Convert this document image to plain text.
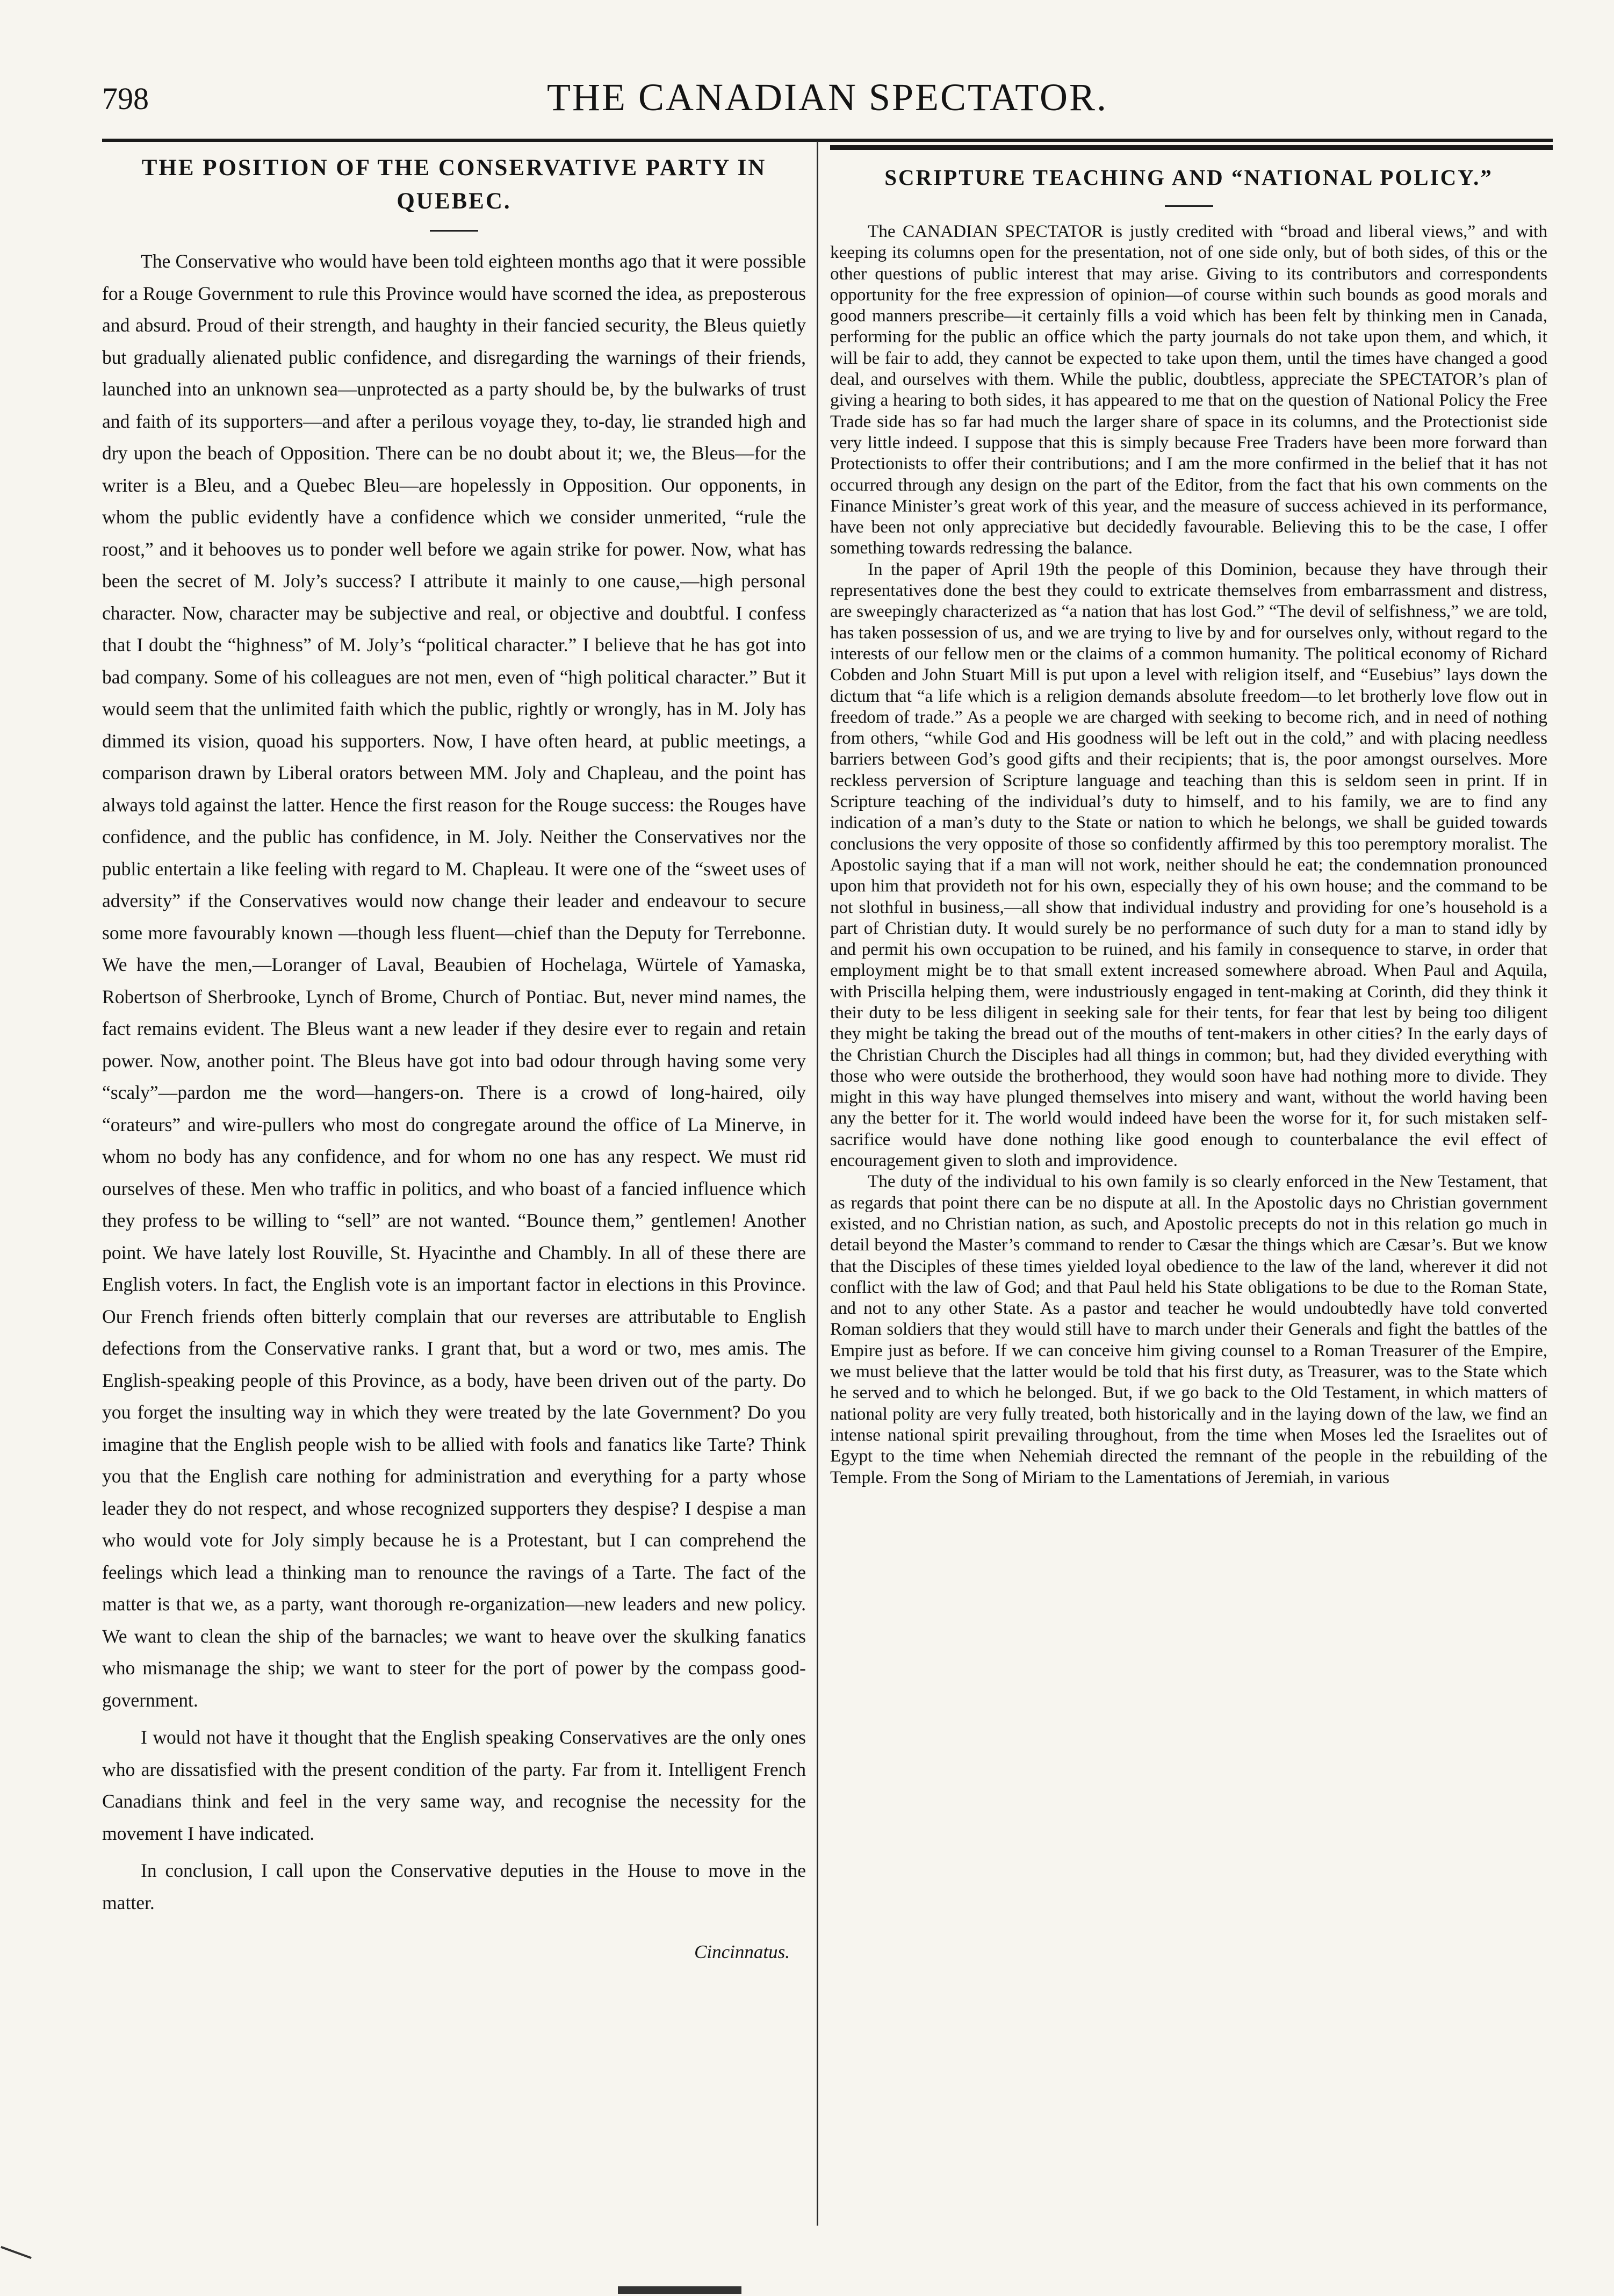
798	THE CANADIAN SPECTATOR.
THE POSITION OF THE CONSERVATIVE PARTY IN QUEBEC.

The Conservative who would have been told eighteen months ago that it were possible for a Rouge Government to rule this Province would have scorned the idea, as preposterous and absurd. Proud of their strength, and haughty in their fancied security, the Bleus quietly but gradually alienated public confidence, and disregarding the warnings of their friends, launched into an unknown sea—unprotected as a party should be, by the bulwarks of trust and faith of its supporters—and after a perilous voyage they, to-day, lie stranded high and dry upon the beach of Opposition. There can be no doubt about it; we, the Bleus—for the writer is a Bleu, and a Quebec Bleu—are hopelessly in Opposition. Our opponents, in whom the public evidently have a confidence which we consider unmerited, “rule the roost,” and it behooves us to ponder well before we again strike for power. Now, what has been the secret of M. Joly’s success? I attribute it mainly to one cause,—high personal character. Now, character may be subjective and real, or objective and doubtful. I confess that I doubt the “highness” of M. Joly’s “political character.” I believe that he has got into bad company. Some of his colleagues are not men, even of “high political character.” But it would seem that the unlimited faith which the public, rightly or wrongly, has in M. Joly has dimmed its vision, quoad his supporters. Now, I have often heard, at public meetings, a comparison drawn by Liberal orators between MM. Joly and Chapleau, and the point has always told against the latter. Hence the first reason for the Rouge success: the Rouges have confidence, and the public has confidence, in M. Joly. Neither the Conservatives nor the public entertain a like feeling with regard to M. Chapleau. It were one of the “sweet uses of adversity” if the Conservatives would now change their leader and endeavour to secure some more favourably known —though less fluent—chief than the Deputy for Terrebonne. We have the men,—Loranger of Laval, Beaubien of Hochelaga, Würtele of Yamaska, Robertson of Sherbrooke, Lynch of Brome, Church of Pontiac. But, never mind names, the fact remains evident. The Bleus want a new leader if they desire ever to regain and retain power. Now, another point. The Bleus have got into bad odour through having some very “scaly”—pardon me the word—hangers-on. There is a crowd of long-haired, oily “orateurs” and wire-pullers who most do congregate around the office of La Minerve, in whom no body has any confidence, and for whom no one has any respect. We must rid ourselves of these. Men who traffic in politics, and who boast of a fancied influence which they profess to be willing to “sell” are not wanted. “Bounce them,” gentlemen! Another point. We have lately lost Rouville, St. Hyacinthe and Chambly. In all of these there are English voters. In fact, the English vote is an important factor in elections in this Province. Our French friends often bitterly complain that our reverses are attributable to English defections from the Conservative ranks. I grant that, but a word or two, mes amis. The English-speaking people of this Province, as a body, have been driven out of the party. Do you forget the insulting way in which they were treated by the late Government? Do you imagine that the English people wish to be allied with fools and fanatics like Tarte? Think you that the English care nothing for administration and everything for a party whose leader they do not respect, and whose recognized supporters they despise? I despise a man who would vote for Joly simply because he is a Protestant, but I can comprehend the feelings which lead a thinking man to renounce the ravings of a Tarte. The fact of the matter is that we, as a party, want thorough re-organization—new leaders and new policy. We want to clean the ship of the barnacles; we want to heave over the skulking fanatics who mismanage the ship; we want to steer for the port of power by the compass good-government.

I would not have it thought that the English speaking Conservatives are the only ones who are dissatisfied with the present condition of the party. Far from it. Intelligent French Canadians think and feel in the very same way, and recognise the necessity for the movement I have indicated.

In conclusion, I call upon the Conservative deputies in the House to move in the matter.

Cincinnatus.
SCRIPTURE TEACHING AND “NATIONAL POLICY.”

The CANADIAN SPECTATOR is justly credited with “broad and liberal views,” and with keeping its columns open for the presentation, not of one side only, but of both sides, of this or the other questions of public interest that may arise. Giving to its contributors and correspondents opportunity for the free expression of opinion—of course within such bounds as good morals and good manners prescribe—it certainly fills a void which has been felt by thinking men in Canada, performing for the public an office which the party journals do not take upon them, and which, it will be fair to add, they cannot be expected to take upon them, until the times have changed a good deal, and ourselves with them. While the public, doubtless, appreciate the SPECTATOR’s plan of giving a hearing to both sides, it has appeared to me that on the question of National Policy the Free Trade side has so far had much the larger share of space in its columns, and the Protectionist side very little indeed. I suppose that this is simply because Free Traders have been more forward than Protectionists to offer their contributions; and I am the more confirmed in the belief that it has not occurred through any design on the part of the Editor, from the fact that his own comments on the Finance Minister’s great work of this year, and the measure of success achieved in its performance, have been not only appreciative but decidedly favourable. Believing this to be the case, I offer something towards redressing the balance.

In the paper of April 19th the people of this Dominion, because they have through their representatives done the best they could to extricate themselves from embarrassment and distress, are sweepingly characterized as “a nation that has lost God.” “The devil of selfishness,” we are told, has taken possession of us, and we are trying to live by and for ourselves only, without regard to the interests of our fellow men or the claims of a common humanity. The political economy of Richard Cobden and John Stuart Mill is put upon a level with religion itself, and “Eusebius” lays down the dictum that “a life which is a religion demands absolute freedom—to let brotherly love flow out in freedom of trade.” As a people we are charged with seeking to become rich, and in need of nothing from others, “while God and His goodness will be left out in the cold,” and with placing needless barriers between God’s good gifts and their recipients; that is, the poor amongst ourselves. More reckless perversion of Scripture language and teaching than this is seldom seen in print. If in Scripture teaching of the individual’s duty to himself, and to his family, we are to find any indication of a man’s duty to the State or nation to which he belongs, we shall be guided towards conclusions the very opposite of those so confidently affirmed by this too peremptory moralist. The Apostolic saying that if a man will not work, neither should he eat; the condemnation pronounced upon him that provideth not for his own, especially they of his own house; and the command to be not slothful in business,—all show that individual industry and providing for one’s household is a part of Christian duty. It would surely be no performance of such duty for a man to stand idly by and permit his own occupation to be ruined, and his family in consequence to starve, in order that employment might be to that small extent increased somewhere abroad. When Paul and Aquila, with Priscilla helping them, were industriously engaged in tent-making at Corinth, did they think it their duty to be less diligent in seeking sale for their tents, for fear that lest by being too diligent they might be taking the bread out of the mouths of tent-makers in other cities? In the early days of the Christian Church the Disciples had all things in common; but, had they divided everything with those who were outside the brotherhood, they would soon have had nothing more to divide. They might in this way have plunged themselves into misery and want, without the world having been any the better for it. The world would indeed have been the worse for it, for such mistaken self-sacrifice would have done nothing like good enough to counterbalance the evil effect of encouragement given to sloth and improvidence.

The duty of the individual to his own family is so clearly enforced in the New Testament, that as regards that point there can be no dispute at all. In the Apostolic days no Christian government existed, and no Christian nation, as such, and Apostolic precepts do not in this relation go much in detail beyond the Master’s command to render to Cæsar the things which are Cæsar’s. But we know that the Disciples of these times yielded loyal obedience to the law of the land, wherever it did not conflict with the law of God; and that Paul held his State obligations to be due to the Roman State, and not to any other State. As a pastor and teacher he would undoubtedly have told converted Roman soldiers that they would still have to march under their Generals and fight the battles of the Empire just as before. If we can conceive him giving counsel to a Roman Treasurer of the Empire, we must believe that the latter would be told that his first duty, as Treasurer, was to the State which he served and to which he belonged. But, if we go back to the Old Testament, in which matters of national polity are very fully treated, both historically and in the laying down of the law, we find an intense national spirit prevailing throughout, from the time when Moses led the Israelites out of Egypt to the time when Nehemiah directed the remnant of the people in the rebuilding of the Temple. From the Song of Miriam to the Lamentations of Jeremiah, in various
